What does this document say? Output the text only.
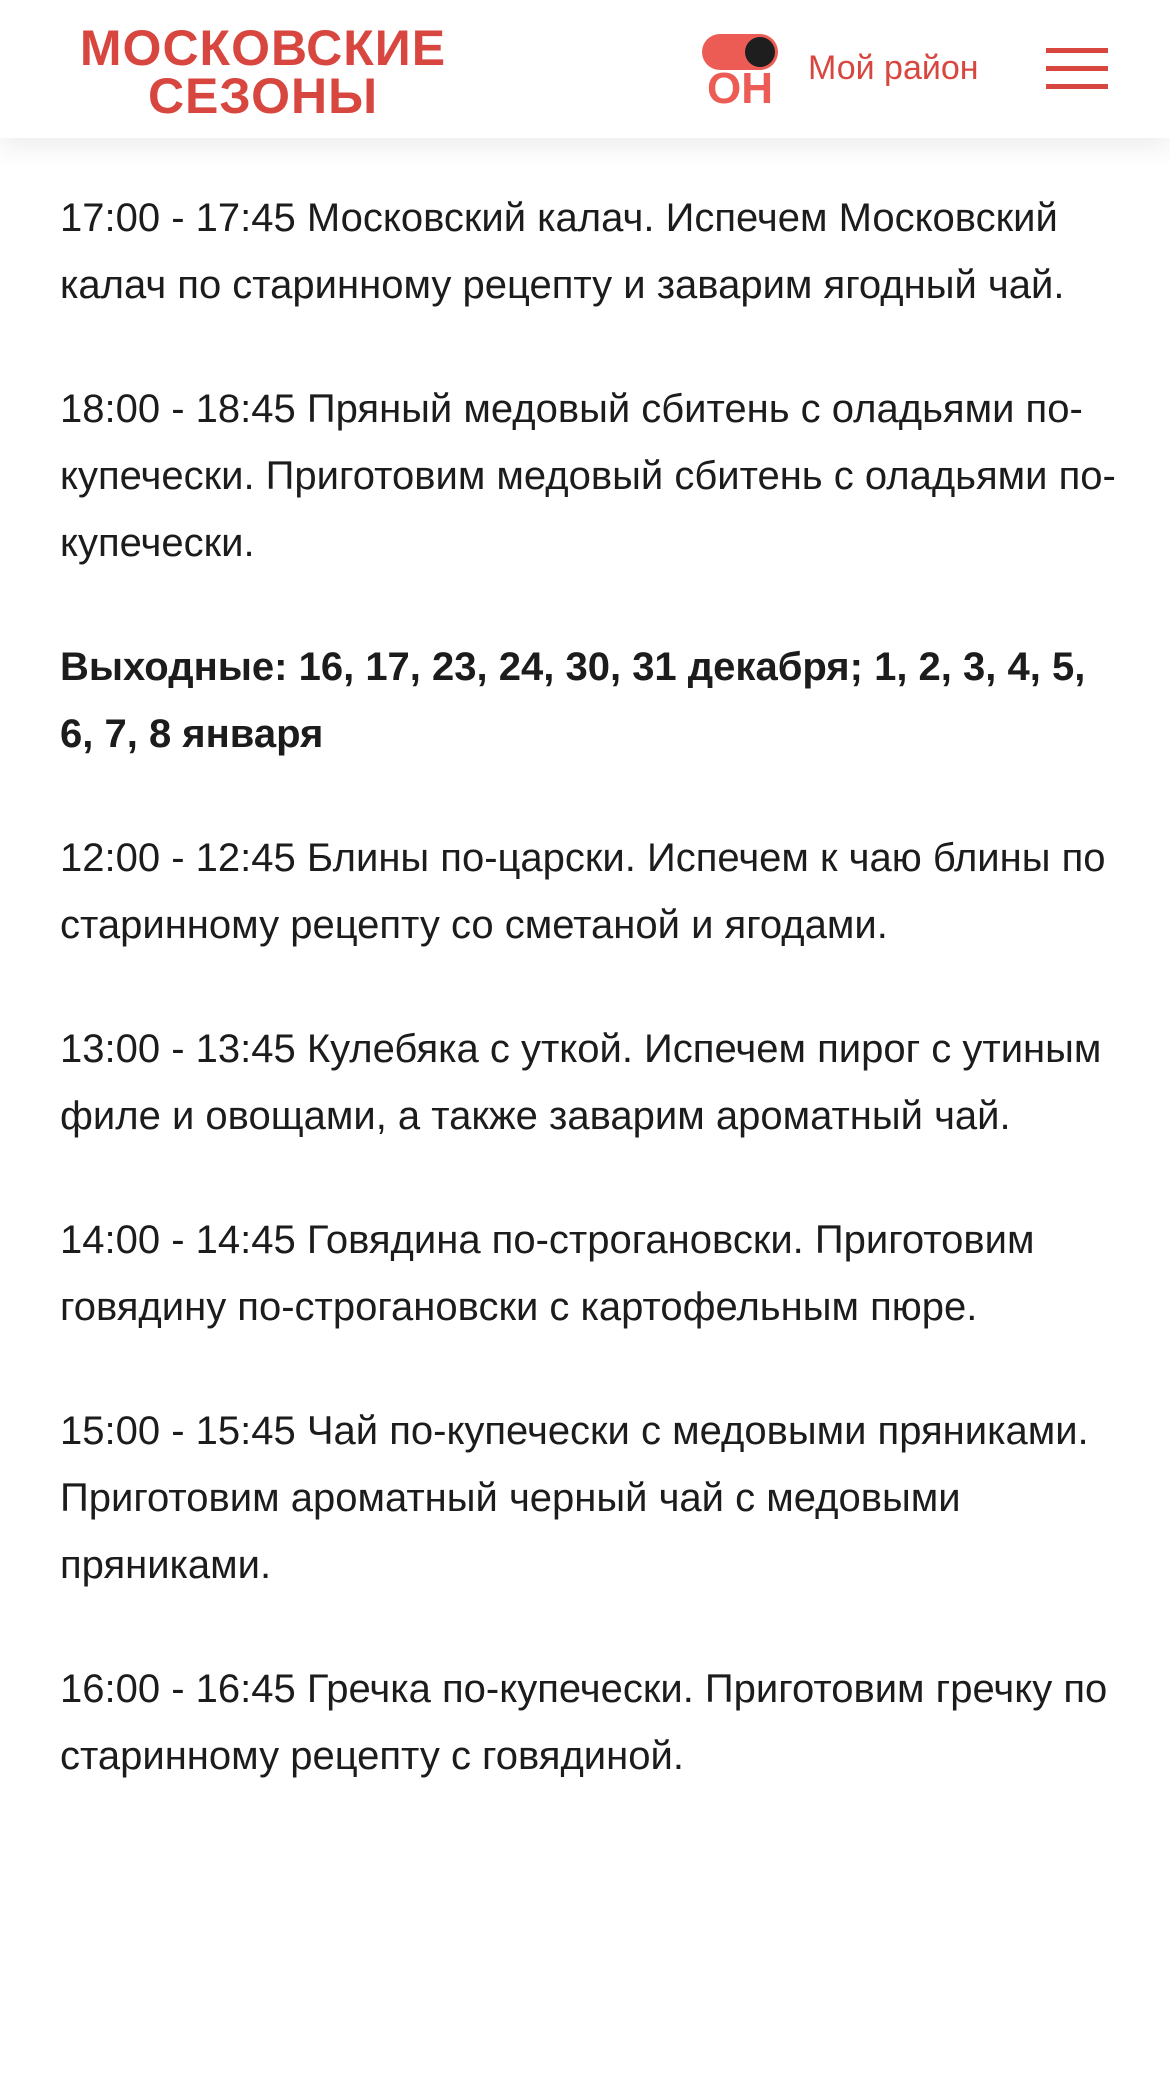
МОСКОВСКИЕ
СЕЗОНЫ	ОН Мой район

17:00 - 17:45 Московский калач. Испечем Московский калач по старинному рецепту и заварим ягодный чай.

18:00 - 18:45 Пряный медовый сбитень с оладьями по-купечески. Приготовим медовый сбитень с оладьями по-купечески.

Выходные: 16, 17, 23, 24, 30, 31 декабря; 1, 2, 3, 4, 5, 6, 7, 8 января

12:00 - 12:45 Блины по-царски. Испечем к чаю блины по старинному рецепту со сметаной и ягодами.

13:00 - 13:45 Кулебяка с уткой. Испечем пирог с утиным филе и овощами, а также заварим ароматный чай.

14:00 - 14:45 Говядина по-строгановски. Приготовим говядину по-строгановски с картофельным пюре.

15:00 - 15:45 Чай по-купечески с медовыми пряниками. Приготовим ароматный черный чай с медовыми пряниками.

16:00 - 16:45 Гречка по-купечески. Приготовим гречку по старинному рецепту с говядиной.
